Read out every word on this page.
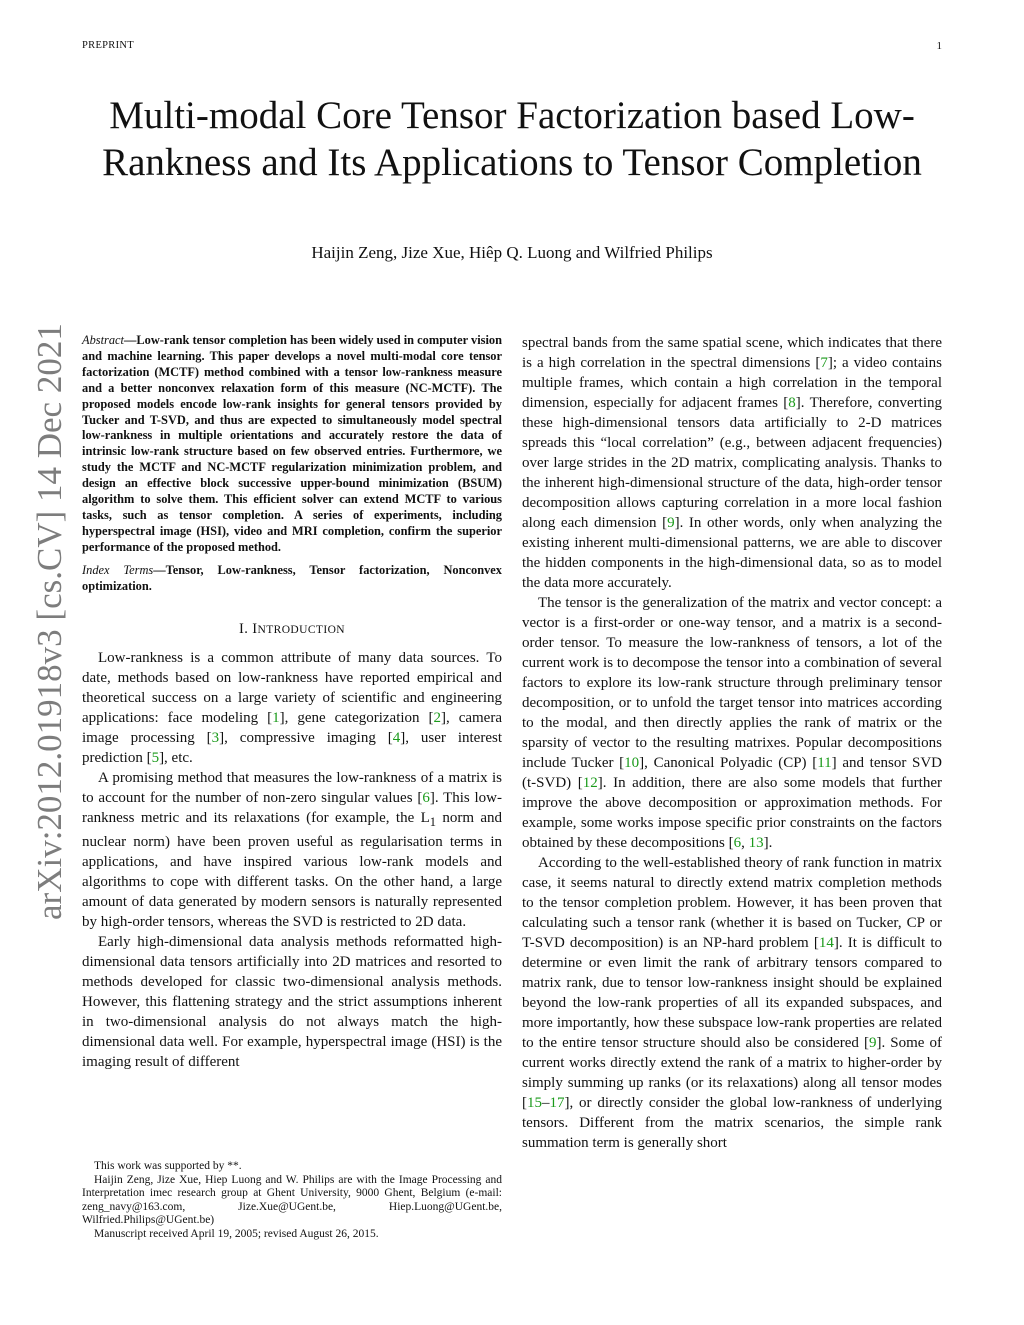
PREPRINT	1
Multi-modal Core Tensor Factorization based Low-Rankness and Its Applications to Tensor Completion
Haijin Zeng, Jize Xue, Hiêp Q. Luong and Wilfried Philips
arXiv:2012.01918v3 [cs.CV] 14 Dec 2021 Abstract—Low-rank tensor completion has been widely used in computer vision and machine learning. This paper develops a novel multi-modal core tensor factorization (MCTF) method combined with a tensor low-rankness measure and a better nonconvex relaxation form of this measure (NC-MCTF). The proposed models encode low-rank insights for general tensors provided by Tucker and T-SVD, and thus are expected to simultaneously model spectral low-rankness in multiple orientations and accurately restore the data of intrinsic low-rank structure based on few observed entries. Furthermore, we study the MCTF and NC-MCTF regularization minimization problem, and design an effective block successive upper-bound minimization (BSUM) algorithm to solve them. This efficient solver can extend MCTF to various tasks, such as tensor completion. A series of experiments, including hyperspectral image (HSI), video and MRI completion, confirm the superior performance of the proposed method.

Index Terms—Tensor, Low-rankness, Tensor factorization, Nonconvex optimization.

I. INTRODUCTION

Low-rankness is a common attribute of many data sources. To date, methods based on low-rankness have reported empirical and theoretical success on a large variety of scientific and engineering applications: face modeling [1], gene categorization [2], camera image processing [3], compressive imaging [4], user interest prediction [5], etc.

A promising method that measures the low-rankness of a matrix is to account for the number of non-zero singular values [6]. This low-rankness metric and its relaxations (for example, the $L_1$ norm and nuclear norm) have been proven useful as regularisation terms in applications, and have inspired various low-rank models and algorithms to cope with different tasks. On the other hand, a large amount of data generated by modern sensors is naturally represented by high-order tensors, whereas the SVD is restricted to 2D data.

Early high-dimensional data analysis methods reformatted high-dimensional data tensors artificially into 2D matrices and resorted to methods developed for classic two-dimensional analysis methods. However, this flattening strategy and the strict assumptions inherent in two-dimensional analysis do not always match the high-dimensional data well. For example, hyperspectral image (HSI) is the imaging result of different

This work was supported by **.

Haijin Zeng, Jize Xue, Hiep Luong and W. Philips are with the Image Processing and Interpretation imec research group at Ghent University, 9000 Ghent, Belgium (e-mail: zeng_navy@163.com, Jize.Xue@UGent.be, Hiep.Luong@UGent.be, Wilfried.Philips@UGent.be)

Manuscript received April 19, 2005; revised August 26, 2015.

spectral bands from the same spatial scene, which indicates that there is a high correlation in the spectral dimensions [7]; a video contains multiple frames, which contain a high correlation in the temporal dimension, especially for adjacent frames [8]. Therefore, converting these high-dimensional tensors data artificially to 2-D matrices spreads this “local correlation” (e.g., between adjacent frequencies) over large strides in the 2D matrix, complicating analysis. Thanks to the inherent high-dimensional structure of the data, high-order tensor decomposition allows capturing correlation in a more local fashion along each dimension [9]. In other words, only when analyzing the existing inherent multi-dimensional patterns, we are able to discover the hidden components in the high-dimensional data, so as to model the data more accurately.

The tensor is the generalization of the matrix and vector concept: a vector is a first-order or one-way tensor, and a matrix is a second-order tensor. To measure the low-rankness of tensors, a lot of the current work is to decompose the tensor into a combination of several factors to explore its low-rank structure through preliminary tensor decomposition, or to unfold the target tensor into matrices according to the modal, and then directly applies the rank of matrix or the sparsity of vector to the resulting matrixes. Popular decompositions include Tucker [10], Canonical Polyadic (CP) [11] and tensor SVD (t-SVD) [12]. In addition, there are also some models that further improve the above decomposition or approximation methods. For example, some works impose specific prior constraints on the factors obtained by these decompositions [6, 13].

According to the well-established theory of rank function in matrix case, it seems natural to directly extend matrix completion methods to the tensor completion problem. However, it has been proven that calculating such a tensor rank (whether it is based on Tucker, CP or T-SVD decomposition) is an NP-hard problem [14]. It is difficult to determine or even limit the rank of arbitrary tensors compared to matrix rank, due to tensor low-rankness insight should be explained beyond the low-rank properties of all its expanded subspaces, and more importantly, how these subspace low-rank properties are related to the entire tensor structure should also be considered [9]. Some of current works directly extend the rank of a matrix to higher-order by simply summing up ranks (or its relaxations) along all tensor modes [15–17], or directly consider the global low-rankness of underlying tensors. Different from the matrix scenarios, the simple rank summation term is generally short
